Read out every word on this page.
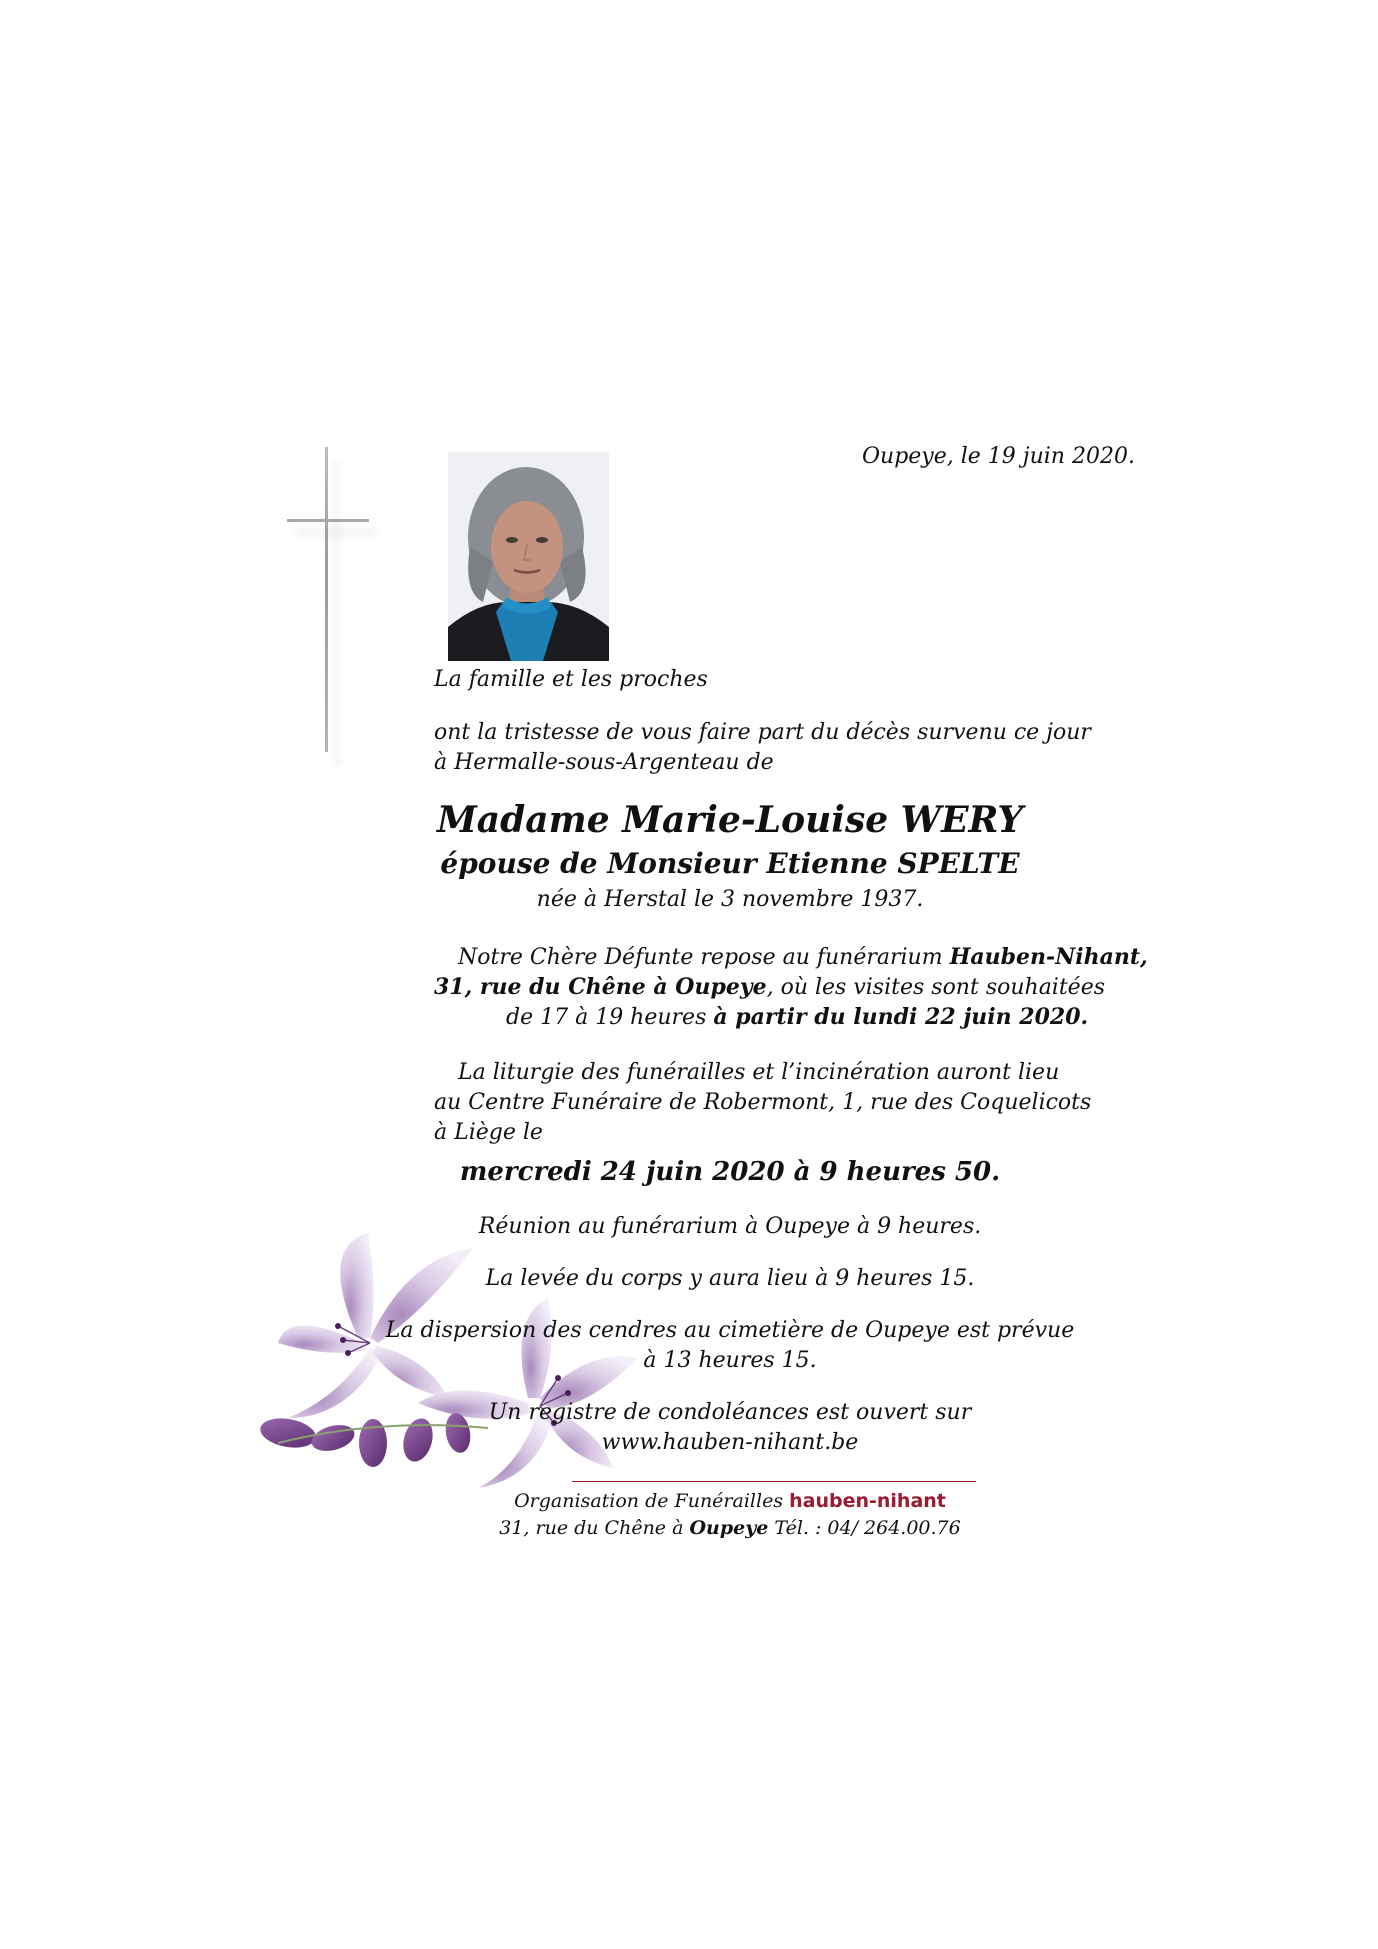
Oupeye, le 19 juin 2020.
La famille et les proches
ont la tristesse de vous faire part du décès survenu ce jour
à Hermalle-sous-Argenteau de
Madame Marie-Louise WERY
épouse de Monsieur Etienne SPELTE
née à Herstal le 3 novembre 1937.
Notre Chère Défunte repose au funérarium Hauben-Nihant,
31, rue du Chêne à Oupeye, où les visites sont souhaitées
de 17 à 19 heures à partir du lundi 22 juin 2020.
La liturgie des funérailles et l’incinération auront lieu
au Centre Funéraire de Robermont, 1, rue des Coquelicots
à Liège le
mercredi 24 juin 2020 à 9 heures 50.
Réunion au funérarium à Oupeye à 9 heures.
La levée du corps y aura lieu à 9 heures 15.
La dispersion des cendres au cimetière de Oupeye est prévue
à 13 heures 15.
Un registre de condoléances est ouvert sur
www.hauben-nihant.be
Organisation de Funérailles hauben-nihant
31, rue du Chêne à Oupeye Tél. : 04/ 264.00.76
